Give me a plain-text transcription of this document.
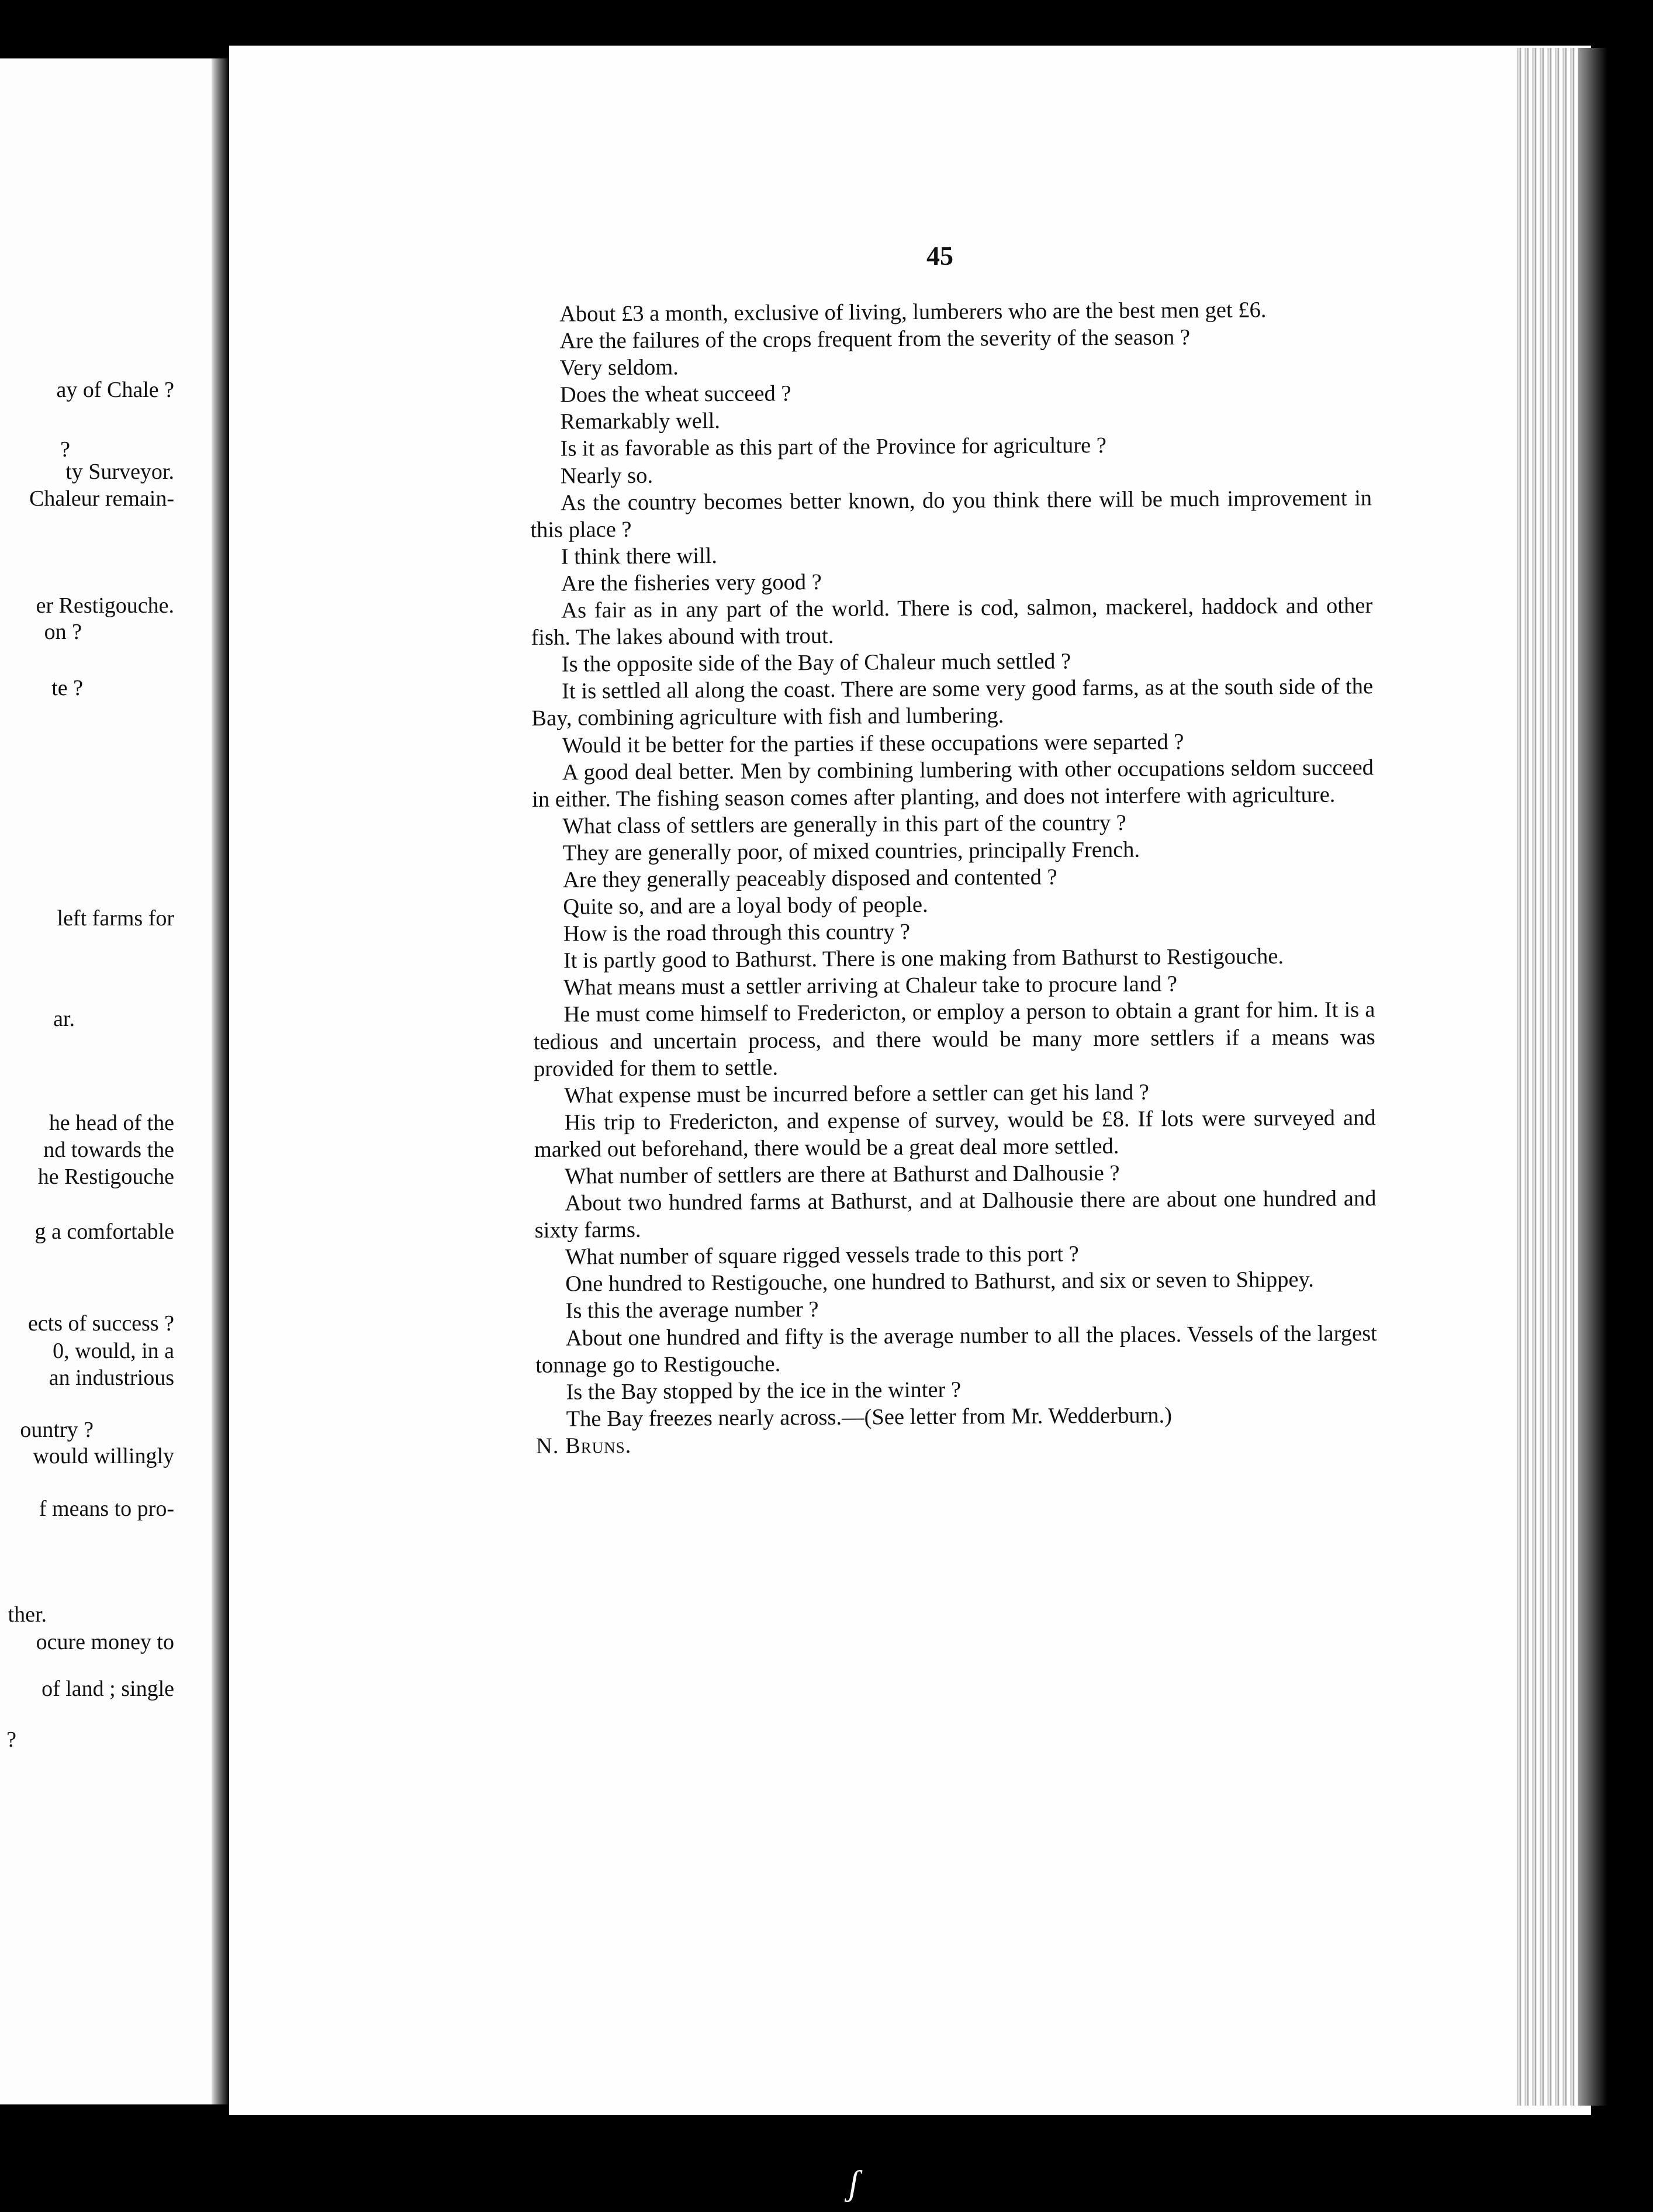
ay of Chale ?
?
ty Surveyor.
Chaleur remain-
er Restigouche.
on ?
te ?
left farms for
ar.
he head of the
nd towards the
he Restigouche
g a comfortable
ects of success ?
0, would, in a
an industrious
ountry ?
would willingly
f means to pro-
ther.
ocure money to
of land ; single
?
45

About £3 a month, exclusive of living, lumberers who are the best men get £6.

Are the failures of the crops frequent from the severity of the season ?

Very seldom.

Does the wheat succeed ?

Remarkably well.

Is it as favorable as this part of the Province for agriculture ?

Nearly so.

As the country becomes better known, do you think there will be much improvement in this place ?

I think there will.

Are the fisheries very good ?

As fair as in any part of the world. There is cod, salmon, mackerel, haddock and other fish. The lakes abound with trout.

Is the opposite side of the Bay of Chaleur much settled ?

It is settled all along the coast. There are some very good farms, as at the south side of the Bay, combining agriculture with fish and lumbering.

Would it be better for the parties if these occupations were separted ?

A good deal better. Men by combining lumbering with other occupations seldom succeed in either. The fishing season comes after planting, and does not interfere with agriculture.

What class of settlers are generally in this part of the country ?

They are generally poor, of mixed countries, principally French.

Are they generally peaceably disposed and contented ?

Quite so, and are a loyal body of people.

How is the road through this country ?

It is partly good to Bathurst. There is one making from Bathurst to Restigouche.

What means must a settler arriving at Chaleur take to procure land ?

He must come himself to Fredericton, or employ a person to obtain a grant for him. It is a tedious and uncertain process, and there would be many more settlers if a means was provided for them to settle.

What expense must be incurred before a settler can get his land ?

His trip to Fredericton, and expense of survey, would be £8. If lots were surveyed and marked out beforehand, there would be a great deal more settled.

What number of settlers are there at Bathurst and Dalhousie ?

About two hundred farms at Bathurst, and at Dalhousie there are about one hundred and sixty farms.

What number of square rigged vessels trade to this port ?

One hundred to Restigouche, one hundred to Bathurst, and six or seven to Shippey.

Is this the average number ?

About one hundred and fifty is the average number to all the places. Vessels of the largest tonnage go to Restigouche.

Is the Bay stopped by the ice in the winter ?

The Bay freezes nearly across.—(See letter from Mr. Wedderburn.)

N. Bruns.

ʃ
